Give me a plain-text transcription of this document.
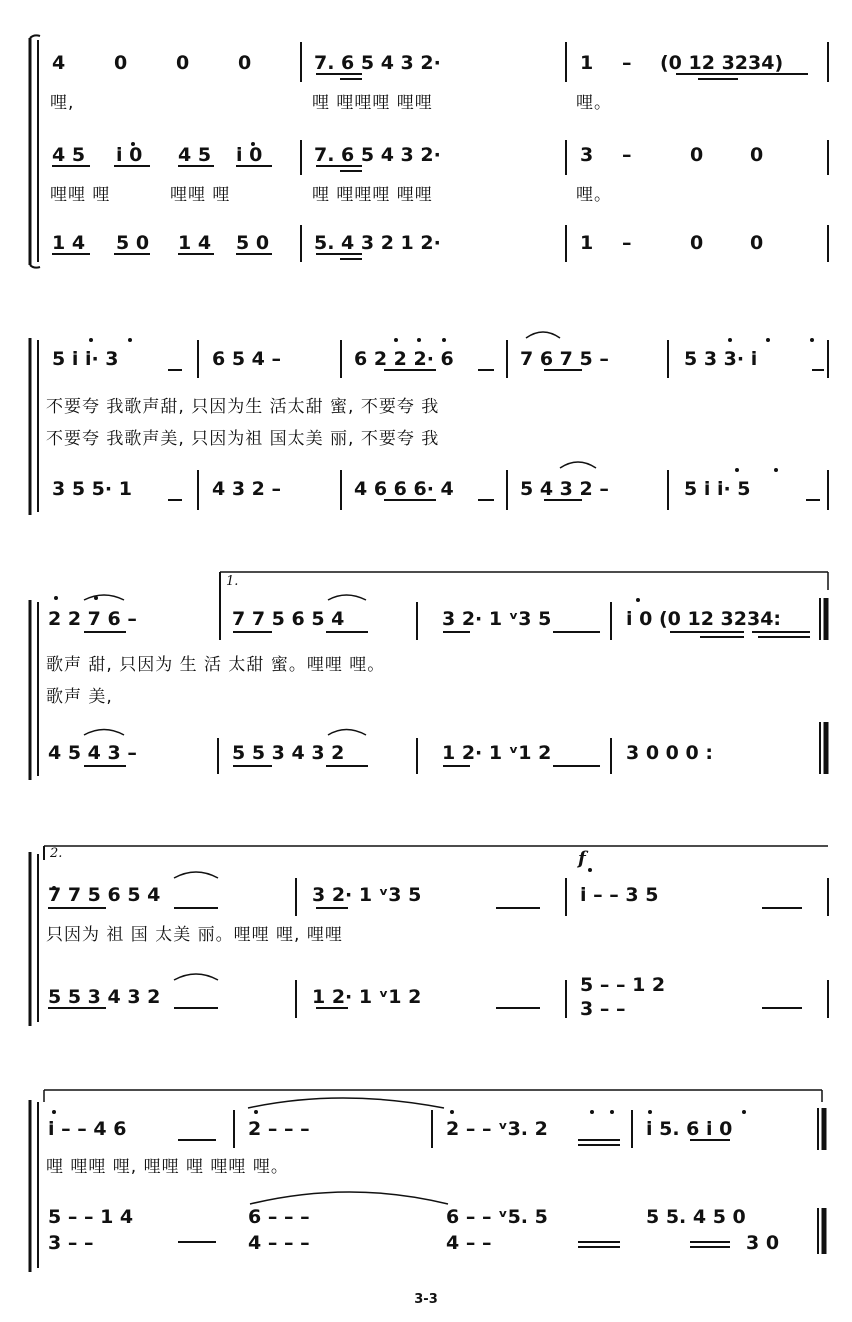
4	0	0	0	7. 6 5 4 3 2·	1 – (0 12 3234)
哩,	哩 哩哩哩 哩哩	哩。
4 5 i 0 4 5 i 0	7. 6 5 4 3 2·	3 –	0 0
哩哩 哩	哩哩 哩	哩 哩哩哩 哩哩	哩。
1 4 5 0 1 4 5 0 5. 4 3 2 1 2·	1 –	0 0
5 i i· 3	6 5 4 –	6 2 2 2· 6	7 6 7 5 –	5 3 3· i
不要夸 我歌声甜, 只因为生 活太甜 蜜, 不要夸 我
不要夸 我歌声美, 只因为祖 国太美 丽, 不要夸 我
3 5 5· 1	4 3 2 –	4 6 6 6· 4	5 4 3 2 –	5 i i· 5
1.
2 2 7 6 –	7 7 5 6 5 4	3 2· 1 ᵛ3 5	i 0 (0 12 3234:
歌声 甜, 只因为 生 活 太甜 蜜。哩哩 哩。
歌声 美,
4 5 4 3 –	5 5 3 4 3 2	1 2· 1 ᵛ1 2	3 0 0 0 :
2.	f
7 7 5 6 5 4	3 2· 1 ᵛ3 5	i – – 3 5
只因为 祖 国 太美 丽。哩哩 哩, 哩哩
5 5 3 4 3 2	1 2· 1 ᵛ1 2
5 – – 1 2
3 – –
i – – 4 6	2 – – –	2 – – ᵛ3. 2	i 5. 6 i 0
哩 哩哩 哩, 哩哩 哩 哩哩 哩。
5 – – 1 4	6 – – –	6 – – ᵛ5. 5	5 5. 4 5 0
3 – –	4 – – –	4 – –	3 0
3-3
